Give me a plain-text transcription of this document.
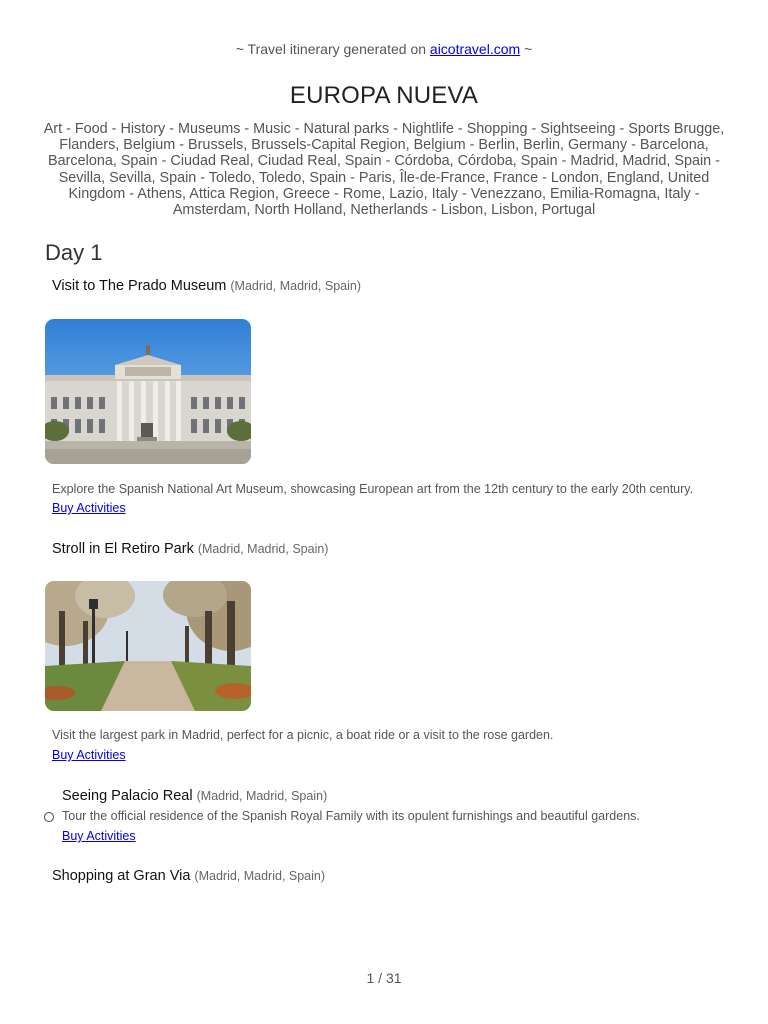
~ Travel itinerary generated on aicotravel.com ~
EUROPA NUEVA
Art - Food - History - Museums - Music - Natural parks - Nightlife - Shopping - Sightseeing - Sports Brugge, Flanders, Belgium - Brussels, Brussels-Capital Region, Belgium - Berlin, Berlin, Germany - Barcelona, Barcelona, Spain - Ciudad Real, Ciudad Real, Spain - Córdoba, Córdoba, Spain - Madrid, Madrid, Spain - Sevilla, Sevilla, Spain - Toledo, Toledo, Spain - Paris, Île-de-France, France - London, England, United Kingdom - Athens, Attica Region, Greece - Rome, Lazio, Italy - Venezzano, Emilia-Romagna, Italy - Amsterdam, North Holland, Netherlands - Lisbon, Lisbon, Portugal
Day 1
Visit to The Prado Museum (Madrid, Madrid, Spain)
Explore the Spanish National Art Museum, showcasing European art from the 12th century to the early 20th century.
Buy Activities
Stroll in El Retiro Park (Madrid, Madrid, Spain)
Visit the largest park in Madrid, perfect for a picnic, a boat ride or a visit to the rose garden.
Buy Activities
Seeing Palacio Real (Madrid, Madrid, Spain)
Tour the official residence of the Spanish Royal Family with its opulent furnishings and beautiful gardens.
Buy Activities
Shopping at Gran Via (Madrid, Madrid, Spain)
1 / 31
